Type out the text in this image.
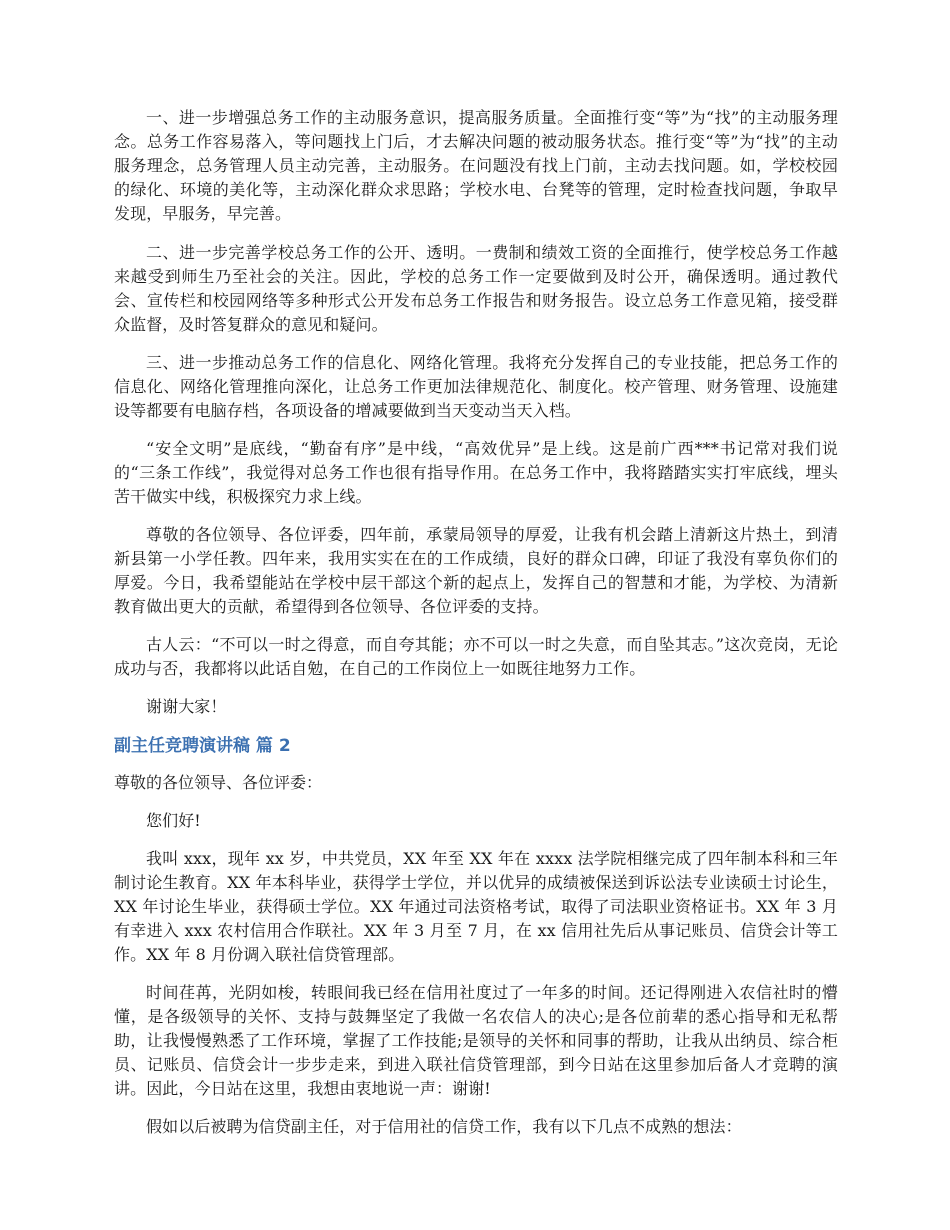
一、进一步增强总务工作的主动服务意识，提高服务质量。全面推行变“等”为“找”的主动服务理念。总务工作容易落入，等问题找上门后，才去解决问题的被动服务状态。推行变“等”为“找”的主动服务理念，总务管理人员主动完善，主动服务。在问题没有找上门前，主动去找问题。如，学校校园的绿化、环境的美化等，主动深化群众求思路；学校水电、台凳等的管理，定时检查找问题，争取早发现，早服务，早完善。

二、进一步完善学校总务工作的公开、透明。一费制和绩效工资的全面推行，使学校总务工作越来越受到师生乃至社会的关注。因此，学校的总务工作一定要做到及时公开，确保透明。通过教代会、宣传栏和校园网络等多种形式公开发布总务工作报告和财务报告。设立总务工作意见箱，接受群众监督，及时答复群众的意见和疑问。

三、进一步推动总务工作的信息化、网络化管理。我将充分发挥自己的专业技能，把总务工作的信息化、网络化管理推向深化，让总务工作更加法律规范化、制度化。校产管理、财务管理、设施建设等都要有电脑存档，各项设备的增减要做到当天变动当天入档。

“安全文明”是底线，“勤奋有序”是中线，“高效优异”是上线。这是前广西***书记常对我们说的“三条工作线”，我觉得对总务工作也很有指导作用。在总务工作中，我将踏踏实实打牢底线，埋头苦干做实中线，积极探究力求上线。

尊敬的各位领导、各位评委，四年前，承蒙局领导的厚爱，让我有机会踏上清新这片热土，到清新县第一小学任教。四年来，我用实实在在的工作成绩，良好的群众口碑，印证了我没有辜负你们的厚爱。今日，我希望能站在学校中层干部这个新的起点上，发挥自己的智慧和才能，为学校、为清新教育做出更大的贡献，希望得到各位领导、各位评委的支持。

古人云：“不可以一时之得意，而自夸其能；亦不可以一时之失意，而自坠其志。”这次竞岗，无论成功与否，我都将以此话自勉，在自己的工作岗位上一如既往地努力工作。

谢谢大家！

副主任竞聘演讲稿 篇 2

尊敬的各位领导、各位评委：

您们好!

我叫 xxx，现年 xx 岁，中共党员，XX 年至 XX 年在 xxxx 法学院相继完成了四年制本科和三年制讨论生教育。XX 年本科毕业，获得学士学位，并以优异的成绩被保送到诉讼法专业读硕士讨论生，XX 年讨论生毕业，获得硕士学位。XX 年通过司法资格考试，取得了司法职业资格证书。XX 年 3 月有幸进入 xxx 农村信用合作联社。XX 年 3 月至 7 月，在 xx 信用社先后从事记账员、信贷会计等工作。XX 年 8 月份调入联社信贷管理部。

时间荏苒，光阴如梭，转眼间我已经在信用社度过了一年多的时间。还记得刚进入农信社时的懵懂，是各级领导的关怀、支持与鼓舞坚定了我做一名农信人的决心;是各位前辈的悉心指导和无私帮助，让我慢慢熟悉了工作环境，掌握了工作技能;是领导的关怀和同事的帮助，让我从出纳员、综合柜员、记账员、信贷会计一步步走来，到进入联社信贷管理部，到今日站在这里参加后备人才竞聘的演讲。因此，今日站在这里，我想由衷地说一声：谢谢!

假如以后被聘为信贷副主任，对于信用社的信贷工作，我有以下几点不成熟的想法：
